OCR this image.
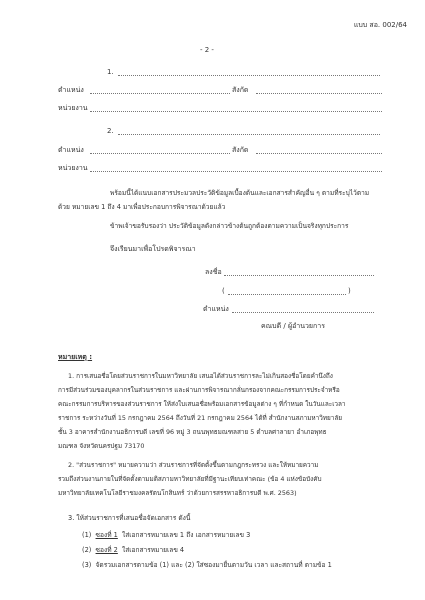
แบบ สอ. 002/64
- 2 -
1.
ตำแหน่ง	สังกัด
หน่วยงาน
2.
ตำแหน่ง	สังกัด
หน่วยงาน
พร้อมนี้ได้แนบเอกสารประมวลประวัติข้อมูลเบื้องต้นและเอกสารสำคัญอื่น ๆ ตามที่ระบุไว้ตาม
ด้วย หมายเลข 1 ถึง 4 มาเพื่อประกอบการพิจารณาด้วยแล้ว
ข้าพเจ้าขอรับรองว่า ประวัติข้อมูลดังกล่าวข้างต้นถูกต้องตามความเป็นจริงทุกประการ
จึงเรียนมาเพื่อโปรดพิจารณา
ลงชื่อ
(	)
ตำแหน่ง
คณบดี / ผู้อำนวยการ
หมายเหตุ :
1. การเสนอชื่อโดยส่วนราชการในมหาวิทยาลัย เสนอได้ส่วนราชการละไม่เกินสองชื่อโดยคำนึงถึง
การมีส่วนร่วมของบุคลากรในส่วนราชการ และผ่านการพิจารณากลั่นกรองจากคณะกรรมการประจำหรือ
คณะกรรมการบริหารของส่วนราชการ ให้ส่งใบเสนอชื่อพร้อมเอกสารข้อมูลต่าง ๆ ที่กำหนด ในวันและเวลา
ราชการ ระหว่างวันที่ 15 กรกฎาคม 2564 ถึงวันที่ 21 กรกฎาคม 2564 ได้ที่ สำนักงานสภามหาวิทยาลัย
ชั้น 3 อาคารสำนักงานอธิการบดี เลขที่ 96 หมู่ 3 ถนนพุทธมณฑลสาย 5 ตำบลศาลายา อำเภอพุทธ
มณฑล จังหวัดนครปฐม 73170
2. "ส่วนราชการ" หมายความว่า ส่วนราชการที่จัดตั้งขึ้นตามกฎกระทรวง และให้หมายความ
รวมถึงส่วนงานภายในที่จัดตั้งตามมติสภามหาวิทยาลัยที่มีฐานะเทียบเท่าคณะ (ข้อ 4 แห่งข้อบังคับ
มหาวิทยาลัยเทคโนโลยีราชมงคลรัตนโกสินทร์ ว่าด้วยการสรรหาอธิการบดี พ.ศ. 2563)
3. ให้ส่วนราชการที่เสนอชื่อจัดเอกสาร ดังนี้
(1) ซองที่ 1 ใส่เอกสารหมายเลข 1 ถึง เอกสารหมายเลข 3
(2) ซองที่ 2 ใส่เอกสารหมายเลข 4
(3) จัดรวมเอกสารตามข้อ (1) และ (2) ใส่ซองมายื่นตามวัน เวลา และสถานที่ ตามข้อ 1
